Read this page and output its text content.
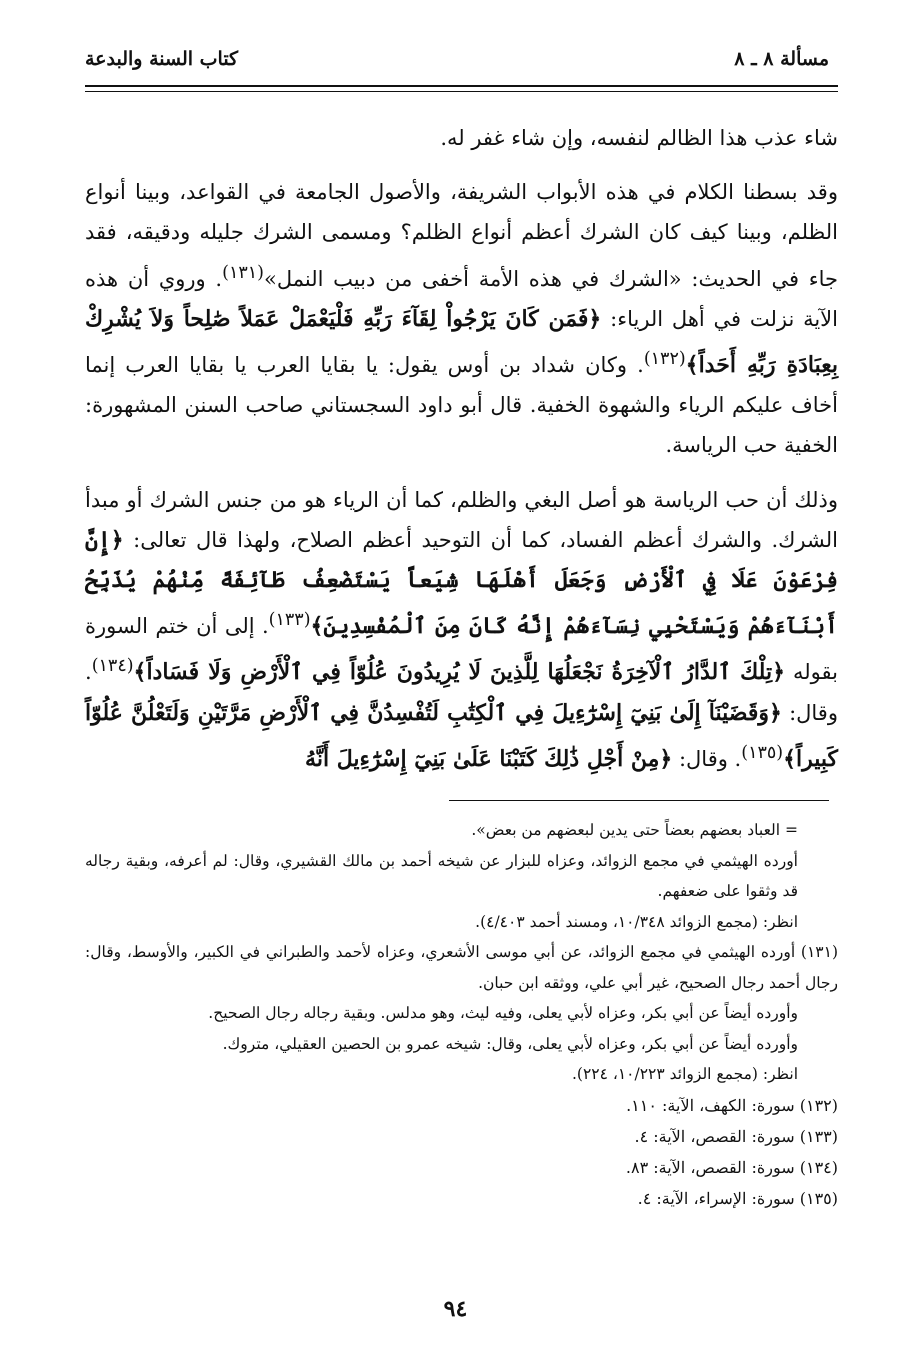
مسألة ٨ ـ ٨
كتاب السنة والبدعة

شاء عذب هذا الظالم لنفسه، وإن شاء غفر له.

وقد بسطنا الكلام في هذه الأبواب الشريفة، والأصول الجامعة في القواعد، وبينا أنواع الظلم، وبينا كيف كان الشرك أعظم أنواع الظلم؟ ومسمى الشرك جليله ودقيقه، فقد جاء في الحديث: «الشرك في هذه الأمة أخفى من دبيب النمل»$^{(١٣١)}$. وروي أن هذه الآية نزلت في أهل الرياء: ﴿فَمَن كَانَ يَرْجُواْ لِقَآءَ رَبِّهِ فَلْيَعْمَلْ عَمَلاً صَٰلِحاً وَلاَ يُشْرِكْ بِعِبَادَةِ رَبِّهِ أَحَداً﴾$^{(١٣٢)}$. وكان شداد بن أوس يقول: يا بقايا العرب يا بقايا العرب إنما أخاف عليكم الرياء والشهوة الخفية. قال أبو داود السجستاني صاحب السنن المشهورة: الخفية حب الرياسة.

وذلك أن حب الرياسة هو أصل البغي والظلم، كما أن الرياء هو من جنس الشرك أو مبدأ الشرك. والشرك أعظم الفساد، كما أن التوحيد أعظم الصلاح، ولهذا قال تعالى: ﴿إِنَّ فِرْعَوْنَ عَلَا فِي ٱلْأَرْضِ وَجَعَلَ أَهْلَهَا شِيَعاً يَسْتَضْعِفُ طَآئِفَةً مِّنْهُمْ يُذَبِّحُ أَبْنَآءَهُمْ وَيَسْتَحْيِي نِسَآءَهُمْ إِنَّهُ كَانَ مِنَ ٱلْمُفْسِدِينَ﴾$^{(١٣٣)}$. إلى أن ختم السورة بقوله ﴿تِلْكَ ٱلدَّارُ ٱلْآخِرَةُ نَجْعَلُهَا لِلَّذِينَ لَا يُرِيدُونَ عُلُوّاً فِي ٱلْأَرْضِ وَلَا فَسَاداً﴾$^{(١٣٤)}$. وقال: ﴿وَقَضَيْنَآ إِلَىٰ بَنِيٓ إِسْرَٰٓءِيلَ فِي ٱلْكِتَٰبِ لَتُفْسِدُنَّ فِي ٱلْأَرْضِ مَرَّتَيْنِ وَلَتَعْلُنَّ عُلُوّاً كَبِيراً﴾$^{(١٣٥)}$. وقال: ﴿مِنْ أَجْلِ ذَٰلِكَ كَتَبْنَا عَلَىٰ بَنِيٓ إِسْرَٰٓءِيلَ أَنَّهُ

= العباد بعضهم بعضاً حتى يدين لبعضهم من بعض».

أورده الهيثمي في مجمع الزوائد، وعزاه للبزار عن شيخه أحمد بن مالك القشيري، وقال: لم أعرفه، وبقية رجاله قد وثقوا على ضعفهم.

انظر: (مجمع الزوائد ١٠/٣٤٨، ومسند أحمد ٤/٤٠٣).

(١٣١) أورده الهيثمي في مجمع الزوائد، عن أبي موسى الأشعري، وعزاه لأحمد والطبراني في الكبير، والأوسط، وقال: رجال أحمد رجال الصحيح، غير أبي علي، ووثقه ابن حبان.

وأورده أيضاً عن أبي بكر، وعزاه لأبي يعلى، وفيه ليث، وهو مدلس. وبقية رجاله رجال الصحيح.

وأورده أيضاً عن أبي بكر، وعزاه لأبي يعلى، وقال: شيخه عمرو بن الحصين العقيلي، متروك.

انظر: (مجمع الزوائد ١٠/٢٢٣، ٢٢٤).

(١٣٢) سورة: الكهف، الآية: ١١٠.

(١٣٣) سورة: القصص، الآية: ٤.

(١٣٤) سورة: القصص، الآية: ٨٣.

(١٣٥) سورة: الإسراء، الآية: ٤.

٩٤
